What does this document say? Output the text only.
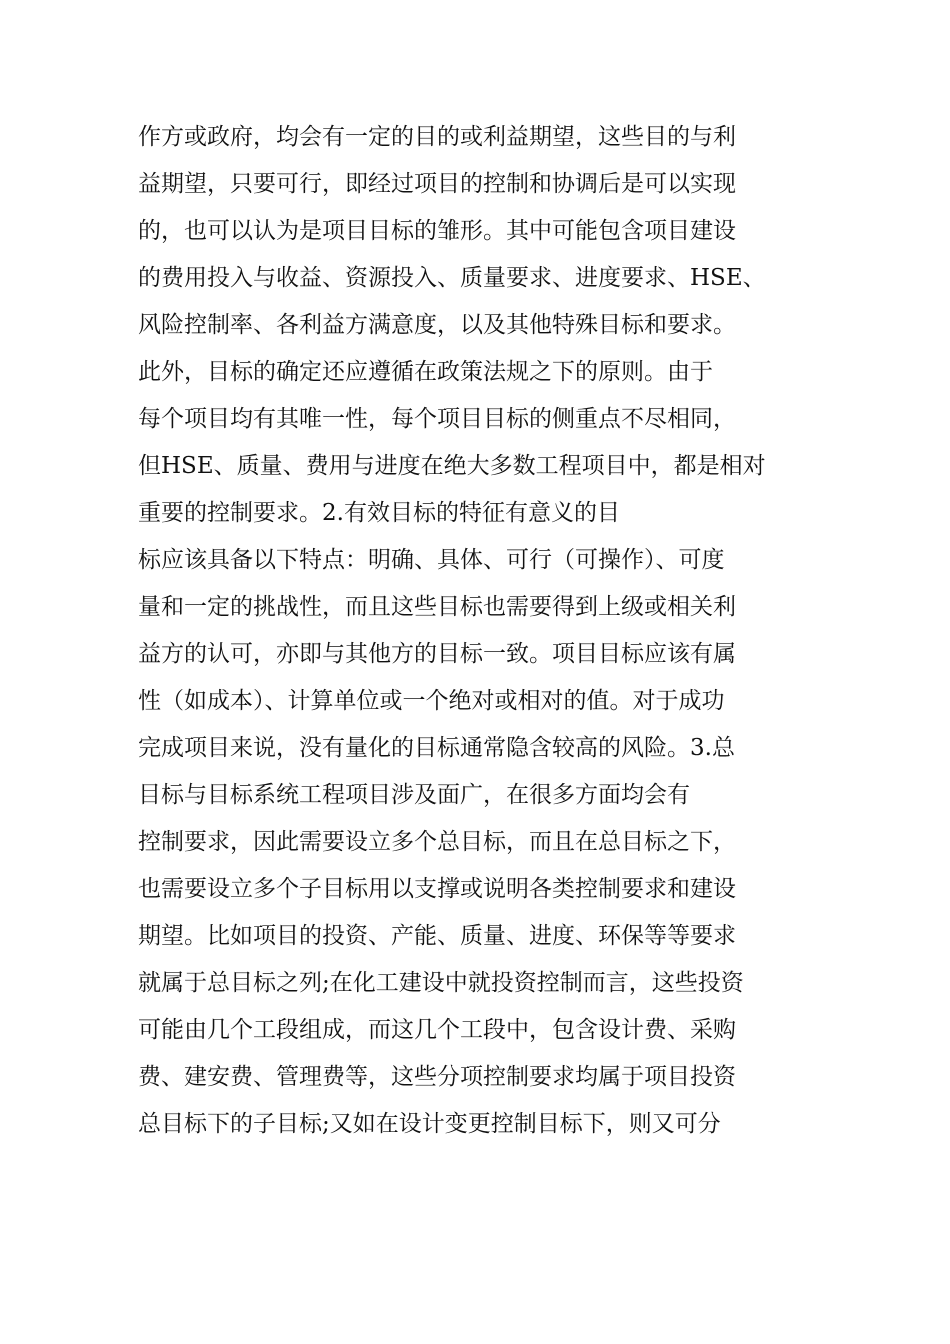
作方或政府，均会有一定的目的或利益期望，这些目的与利
益期望，只要可行，即经过项目的控制和协调后是可以实现
的，也可以认为是项目目标的雏形。其中可能包含项目建设
的费用投入与收益、资源投入、质量要求、进度要求、HSE、
风险控制率、各利益方满意度，以及其他特殊目标和要求。
此外，目标的确定还应遵循在政策法规之下的原则。由于
每个项目均有其唯一性，每个项目目标的侧重点不尽相同，
但HSE、质量、费用与进度在绝大多数工程项目中，都是相对
重要的控制要求。2.有效目标的特征有意义的目
标应该具备以下特点：明确、具体、可行（可操作）、可度
量和一定的挑战性，而且这些目标也需要得到上级或相关利
益方的认可，亦即与其他方的目标一致。项目目标应该有属
性（如成本）、计算单位或一个绝对或相对的值。对于成功
完成项目来说，没有量化的目标通常隐含较高的风险。3.总
目标与目标系统工程项目涉及面广，在很多方面均会有
控制要求，因此需要设立多个总目标，而且在总目标之下，
也需要设立多个子目标用以支撑或说明各类控制要求和建设
期望。比如项目的投资、产能、质量、进度、环保等等要求
就属于总目标之列;在化工建设中就投资控制而言，这些投资
可能由几个工段组成，而这几个工段中，包含设计费、采购
费、建安费、管理费等，这些分项控制要求均属于项目投资
总目标下的子目标;又如在设计变更控制目标下，则又可分
